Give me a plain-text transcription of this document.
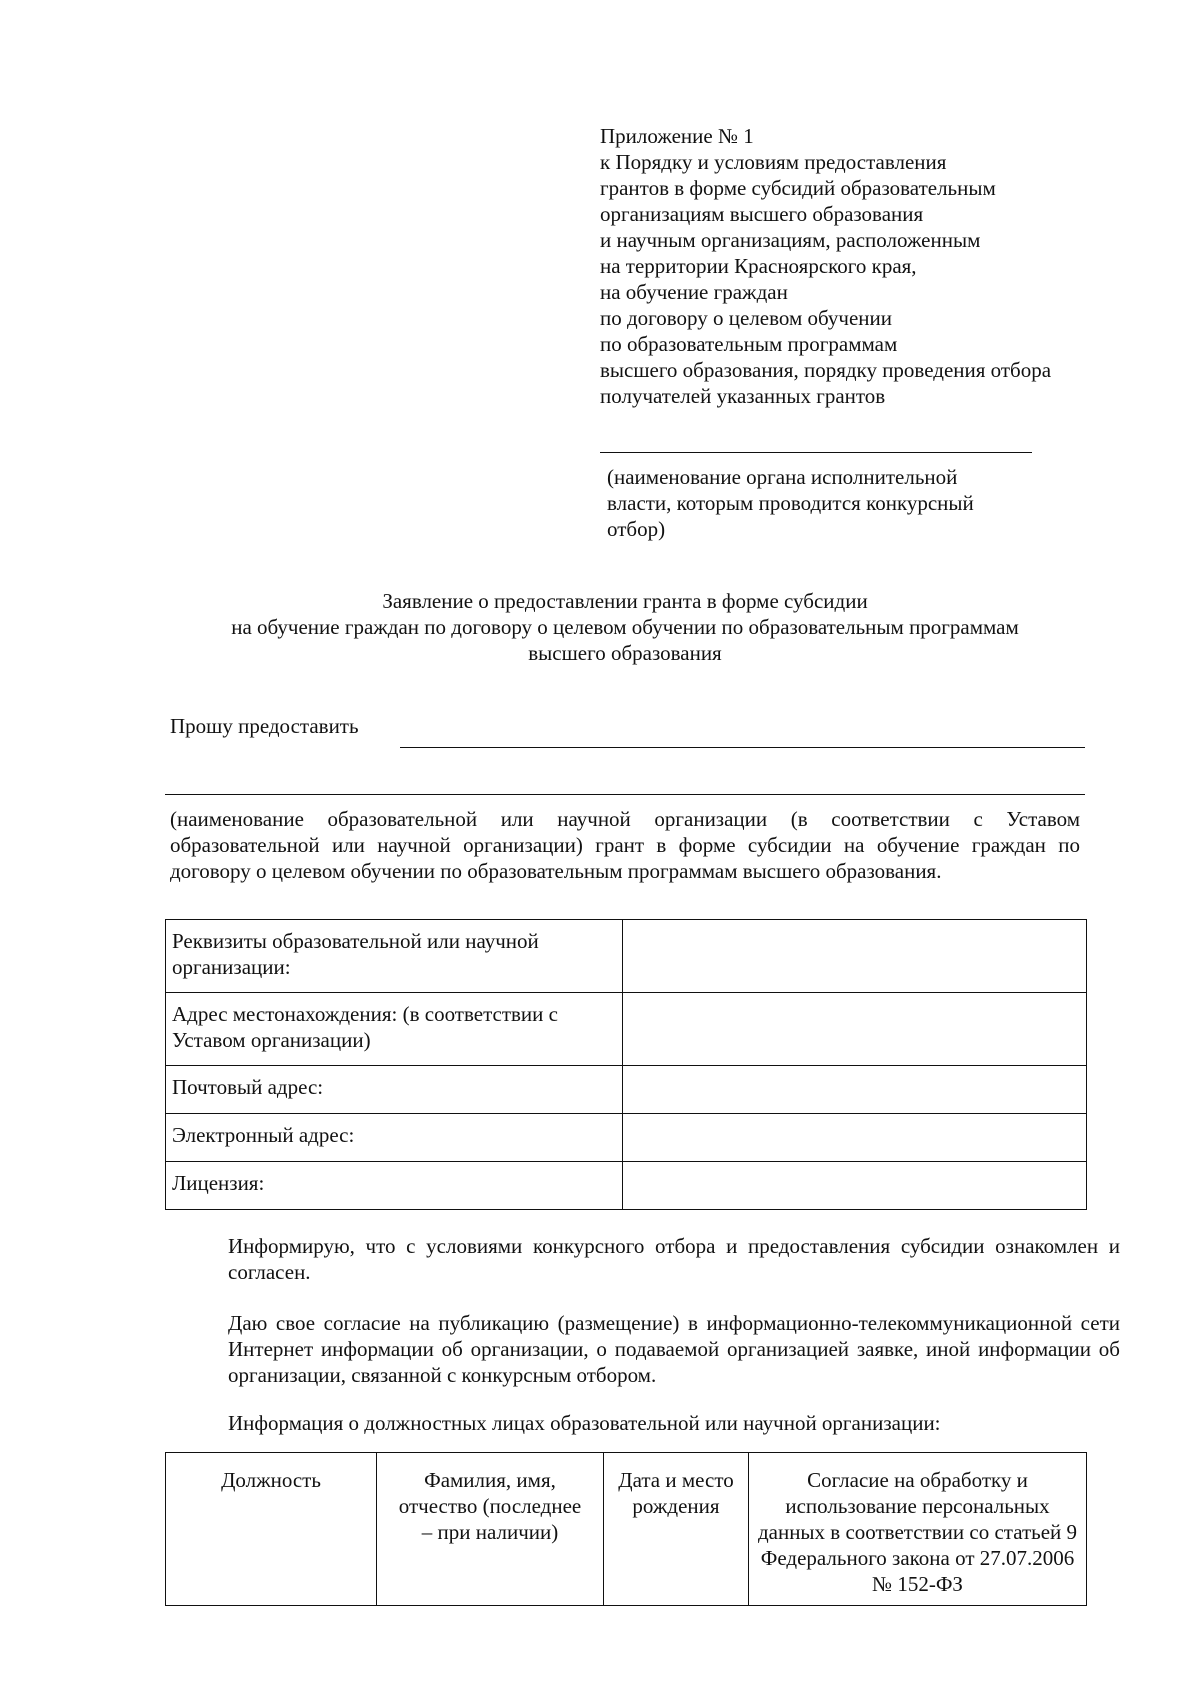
Приложение № 1
к Порядку и условиям предоставления
грантов в форме субсидий образовательным
организациям высшего образования
и научным организациям, расположенным
на территории Красноярского края,
на обучение граждан
по договору о целевом обучении
по образовательным программам
высшего образования, порядку проведения отбора
получателей указанных грантов
(наименование органа исполнительной
власти, которым проводится конкурсный
отбор)
Заявление о предоставлении гранта в форме субсидии
на обучение граждан по договору о целевом обучении по образовательным программам
высшего образования
Прошу предоставить
(наименование образовательной или научной организации (в соответствии с Уставом образовательной или научной организации) грант в форме субсидии на обучение граждан по договору о целевом обучении по образовательным программам высшего образования.
Реквизиты образовательной или научной организации:	
Адрес местонахождения: (в соответствии с Уставом организации)	
Почтовый адрес:	
Электронный адрес:	
Лицензия:	
Информирую, что с условиями конкурсного отбора и предоставления субсидии ознакомлен и согласен.
Даю свое согласие на публикацию (размещение) в информационно-телекоммуникационной сети Интернет информации об организации, о подаваемой организацией заявке, иной информации об организации, связанной с конкурсным отбором.
Информация о должностных лицах образовательной или научной организации:
Должность	Фамилия, имя, отчество (последнее – при наличии)	Дата и место рождения	Согласие на обработку и использование персональных данных в соответствии со статьей 9 Федерального закона от 27.07.2006 № 152-ФЗ
